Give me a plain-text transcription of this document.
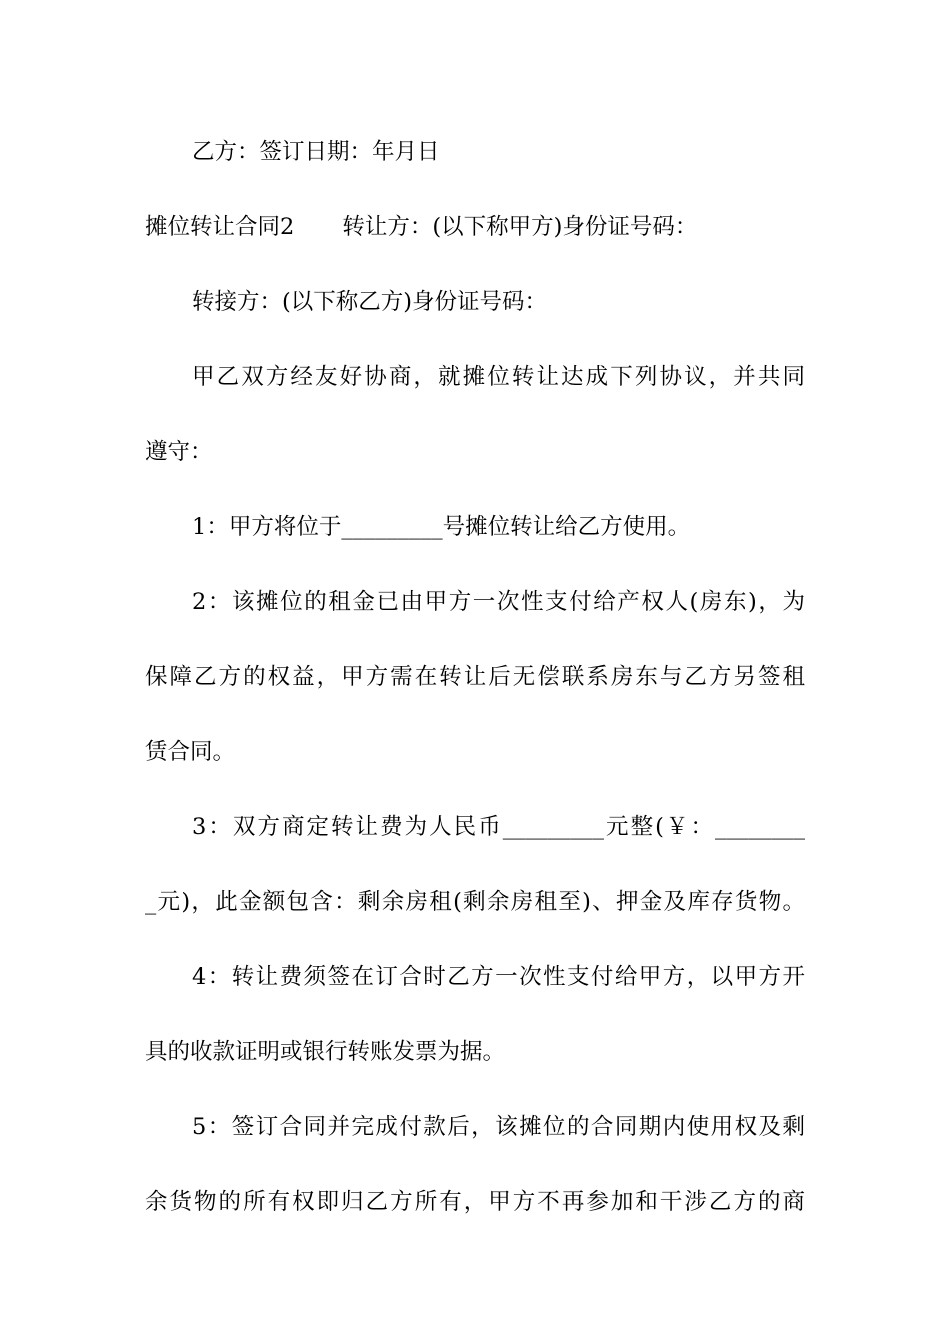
乙方：签订日期：年月日
摊位转让合同2 转让方：(以下称甲方)身份证号码：
转接方：(以下称乙方)身份证号码：
甲乙双方经友好协商，就摊位转让达成下列协议，并共同
遵守：
1：甲方将位于_________号摊位转让给乙方使用。
2：该摊位的租金已由甲方一次性支付给产权人(房东)，为
保障乙方的权益，甲方需在转让后无偿联系房东与乙方另签租
赁合同。
3：双方商定转让费为人民币_________元整(￥：________
_元)，此金额包含：剩余房租(剩余房租至)、押金及库存货物。
4：转让费须签在订合时乙方一次性支付给甲方，以甲方开
具的收款证明或银行转账发票为据。
5：签订合同并完成付款后，该摊位的合同期内使用权及剩
余货物的所有权即归乙方所有，甲方不再参加和干涉乙方的商
